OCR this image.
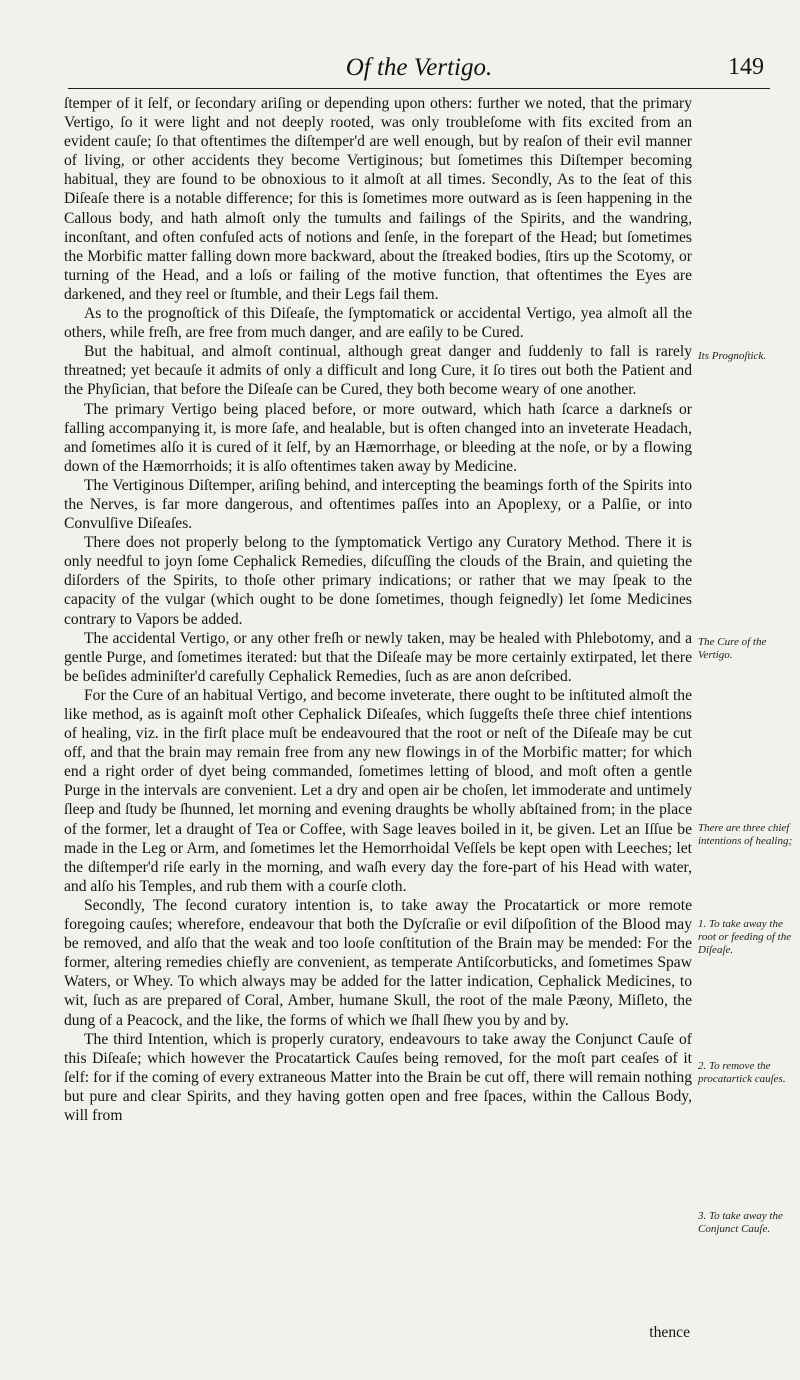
Of the Vertigo.	149

ſtemper of it ſelf, or ſecondary ariſing or depending upon others: further we noted, that the primary Vertigo, ſo it were light and not deeply rooted, was only troubleſome with fits excited from an evident cauſe; ſo that oftentimes the diſtemper'd are well enough, but by reaſon of their evil manner of living, or other accidents they become Vertiginous; but ſometimes this Diſtemper becoming habitual, they are found to be obnoxious to it almoſt at all times. Secondly, As to the ſeat of this Diſeaſe there is a notable difference; for this is ſometimes more outward as is ſeen happening in the Callous body, and hath almoſt only the tumults and failings of the Spirits, and the wandring, inconſtant, and often confuſed acts of notions and ſenſe, in the forepart of the Head; but ſometimes the Morbific matter falling down more backward, about the ſtreaked bodies, ſtirs up the Scotomy, or turning of the Head, and a loſs or failing of the motive function, that oftentimes the Eyes are darkened, and they reel or ſtumble, and their Legs fail them.

As to the prognoſtick of this Diſeaſe, the ſymptomatick or accidental Vertigo, yea almoſt all the others, while freſh, are free from much danger, and are eaſily to be Cured.

But the habitual, and almoſt continual, although great danger and ſuddenly to fall is rarely threatned; yet becauſe it admits of only a difficult and long Cure, it ſo tires out both the Patient and the Phyſician, that before the Diſeaſe can be Cured, they both become weary of one another.

The primary Vertigo being placed before, or more outward, which hath ſcarce a darkneſs or falling accompanying it, is more ſafe, and healable, but is often changed into an inveterate Headach, and ſometimes alſo it is cured of it ſelf, by an Hæmorrhage, or bleeding at the noſe, or by a flowing down of the Hæmorrhoids; it is alſo oftentimes taken away by Medicine.

The Vertiginous Diſtemper, ariſing behind, and intercepting the beamings forth of the Spirits into the Nerves, is far more dangerous, and oftentimes paſſes into an Apoplexy, or a Palſie, or into Convulſive Diſeaſes.

There does not properly belong to the ſymptomatick Vertigo any Curatory Method. There it is only needful to joyn ſome Cephalick Remedies, diſcuſſing the clouds of the Brain, and quieting the diſorders of the Spirits, to thoſe other primary indications; or rather that we may ſpeak to the capacity of the vulgar (which ought to be done ſometimes, though feignedly) let ſome Medicines contrary to Vapors be added.

The accidental Vertigo, or any other freſh or newly taken, may be healed with Phlebotomy, and a gentle Purge, and ſometimes iterated: but that the Diſeaſe may be more certainly extirpated, let there be beſides adminiſter'd carefully Cephalick Remedies, ſuch as are anon deſcribed.

For the Cure of an habitual Vertigo, and become inveterate, there ought to be inſtituted almoſt the like method, as is againſt moſt other Cephalick Diſeaſes, which ſuggeſts theſe three chief intentions of healing, viz. in the firſt place muſt be endeavoured that the root or neſt of the Diſeaſe may be cut off, and that the brain may remain free from any new flowings in of the Morbific matter; for which end a right order of dyet being commanded, ſometimes letting of blood, and moſt often a gentle Purge in the intervals are convenient. Let a dry and open air be choſen, let immoderate and untimely ſleep and ſtudy be ſhunned, let morning and evening draughts be wholly abſtained from; in the place of the former, let a draught of Tea or Coffee, with Sage leaves boiled in it, be given. Let an Iſſue be made in the Leg or Arm, and ſometimes let the Hemorrhoidal Veſſels be kept open with Leeches; let the diſtemper'd riſe early in the morning, and waſh every day the fore-part of his Head with water, and alſo his Temples, and rub them with a courſe cloth.

Secondly, The ſecond curatory intention is, to take away the Procatartick or more remote foregoing cauſes; wherefore, endeavour that both the Dyſcraſie or evil diſpoſition of the Blood may be removed, and alſo that the weak and too looſe conſtitution of the Brain may be mended: For the former, altering remedies chiefly are convenient, as temperate Antiſcorbuticks, and ſometimes Spaw Waters, or Whey. To which always may be added for the latter indication, Cephalick Medicines, to wit, ſuch as are prepared of Coral, Amber, humane Skull, the root of the male Pæony, Miſleto, the dung of a Peacock, and the like, the forms of which we ſhall ſhew you by and by.

The third Intention, which is properly curatory, endeavours to take away the Conjunct Cauſe of this Diſeaſe; which however the Procatartick Cauſes being removed, for the moſt part ceaſes of it ſelf: for if the coming of every extraneous Matter into the Brain be cut off, there will remain nothing but pure and clear Spirits, and they having gotten open and free ſpaces, within the Callous Body, will from

Its Prognoſtick.
The Cure of the Vertigo.
There are three chief intentions of healing;
1. To take away the root or feeding of the Diſeaſe.
2. To remove the procatartick cauſes.
3. To take away the Conjunct Cauſe.
thence
